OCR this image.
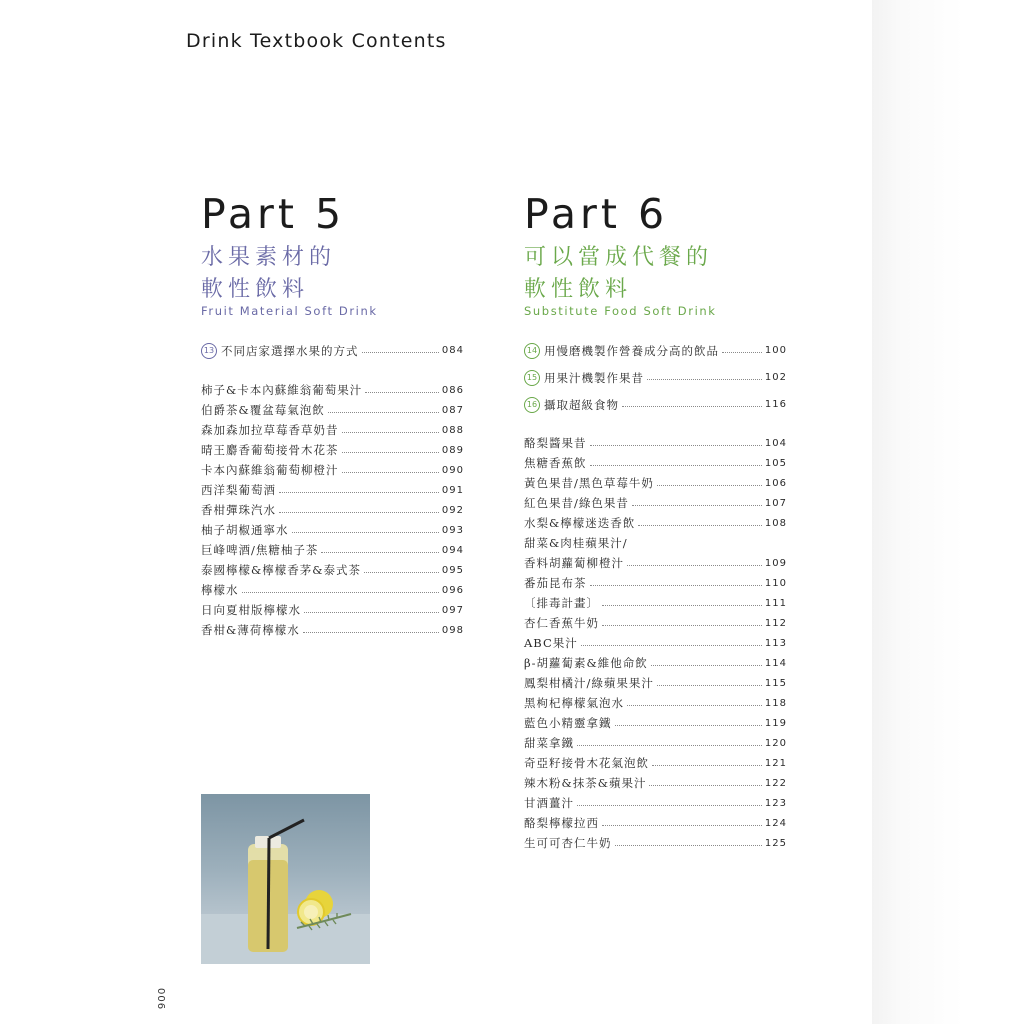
Drink Textbook Contents
Part 5
水果素材的
軟性飲料
Fruit Material Soft Drink
13 不同店家選擇水果的方式	084
柿子&卡本內蘇維翁葡萄果汁	086
伯爵茶&覆盆莓氣泡飲	087
森加森加拉草莓香草奶昔	088
晴王麝香葡萄接骨木花茶	089
卡本內蘇維翁葡萄柳橙汁	090
西洋梨葡萄酒	091
香柑彈珠汽水	092
柚子胡椒通寧水	093
巨峰啤酒/焦糖柚子茶	094
泰國檸檬&檸檬香茅&泰式茶	095
檸檬水	096
日向夏柑版檸檬水	097
香柑&薄荷檸檬水	098
Part 6
可以當成代餐的
軟性飲料
Substitute Food Soft Drink
14 用慢磨機製作營養成分高的飲品	100
15 用果汁機製作果昔	102
16 攝取超級食物	116
酪梨醬果昔	104
焦糖香蕉飲	105
黃色果昔/黑色草莓牛奶	106
紅色果昔/綠色果昔	107
水梨&檸檬迷迭香飲	108
甜菜&肉桂蘋果汁/
香料胡蘿蔔柳橙汁	109
番茄昆布茶	110
〔排毒計畫〕	111
杏仁香蕉牛奶	112
ABC果汁	113
β-胡蘿蔔素&維他命飲	114
鳳梨柑橘汁/綠蘋果果汁	115
黑枸杞檸檬氣泡水	118
藍色小精靈拿鐵	119
甜菜拿鐵	120
奇亞籽接骨木花氣泡飲	121
辣木粉&抹茶&蘋果汁	122
甘酒薑汁	123
酪梨檸檬拉西	124
生可可杏仁牛奶	125
006
